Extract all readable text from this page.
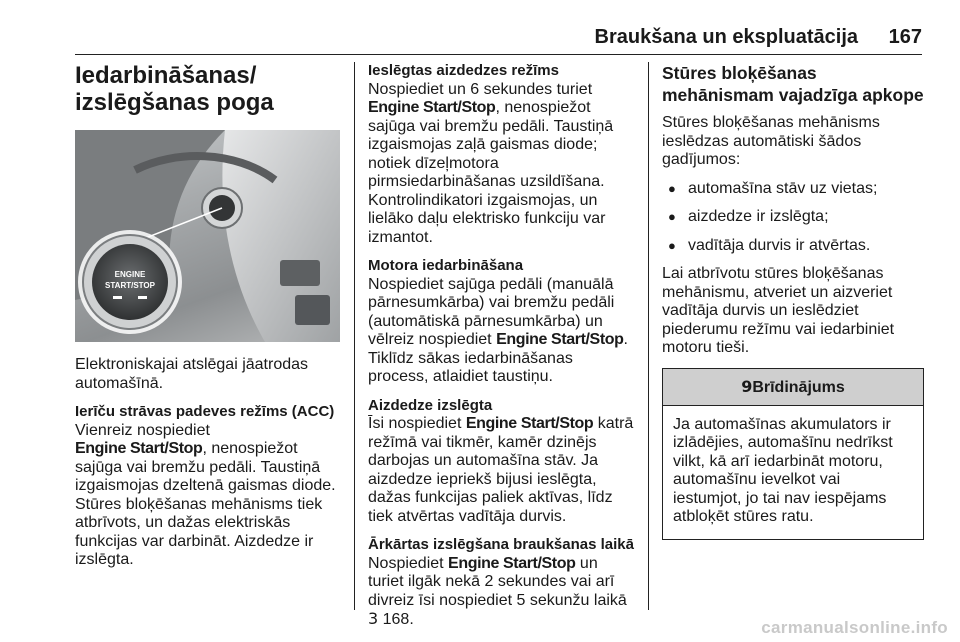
Braukšana un ekspluatācija 167
Iedarbināšanas/
izslēgšanas poga
ENGINE
START/STOP
Elektroniskajai atslēgai jāatrodas automašīnā.
Ierīču strāvas padeves režīms (ACC)
Vienreiz nospiediet
Engine Start/Stop, nenospiežot sajūga vai bremžu pedāli. Taustiņā izgaismojas dzeltenā gaismas diode. Stūres bloķēšanas mehānisms tiek atbrīvots, un dažas elektriskās funkcijas var darbināt. Aizdedze ir izslēgta.
Ieslēgtas aizdedzes režīms
Nospiediet un 6 sekundes turiet
Engine Start/Stop, nenospiežot sajūga vai bremžu pedāli. Taustiņā izgaismojas zaļā gaismas diode; notiek dīzeļmotora pirmsiedarbināšanas uzsildīšana. Kontrolindikatori izgaismojas, un lielāko daļu elektrisko funkciju var izmantot.
Motora iedarbināšana
Nospiediet sajūga pedāli (manuālā pārnesumkārba) vai bremžu pedāli (automātiskā pārnesumkārba) un vēlreiz nospiediet Engine Start/Stop. Tiklīdz sākas iedarbināšanas process, atlaidiet taustiņu.
Aizdedze izslēgta
Īsi nospiediet Engine Start/Stop katrā režīmā vai tikmēr, kamēr dzinējs darbojas un automašīna stāv. Ja aizdedze iepriekš bijusi ieslēgta, dažas funkcijas paliek aktīvas, līdz tiek atvērtas vadītāja durvis.
Ārkārtas izslēgšana braukšanas laikā
Nospiediet Engine Start/Stop un turiet ilgāk nekā 2 sekundes vai arī divreiz īsi nospiediet 5 sekunžu laikā 3 168.
Stūres bloķēšanas mehānismam vajadzīga apkope
Stūres bloķēšanas mehānisms ieslēdzas automātiski šādos gadījumos:
● automašīna stāv uz vietas;
● aizdedze ir izslēgta;
● vadītāja durvis ir atvērtas.
Lai atbrīvotu stūres bloķēšanas mehānismu, atveriet un aizveriet vadītāja durvis un ieslēdziet piederumu režīmu vai iedarbiniet motoru tieši.
9Brīdinājums
Ja automašīnas akumulators ir izlādējies, automašīnu nedrīkst vilkt, kā arī iedarbināt motoru, automašīnu ievelkot vai iestumjot, jo tai nav iespējams atbloķēt stūres ratu.
carmanualsonline.info
